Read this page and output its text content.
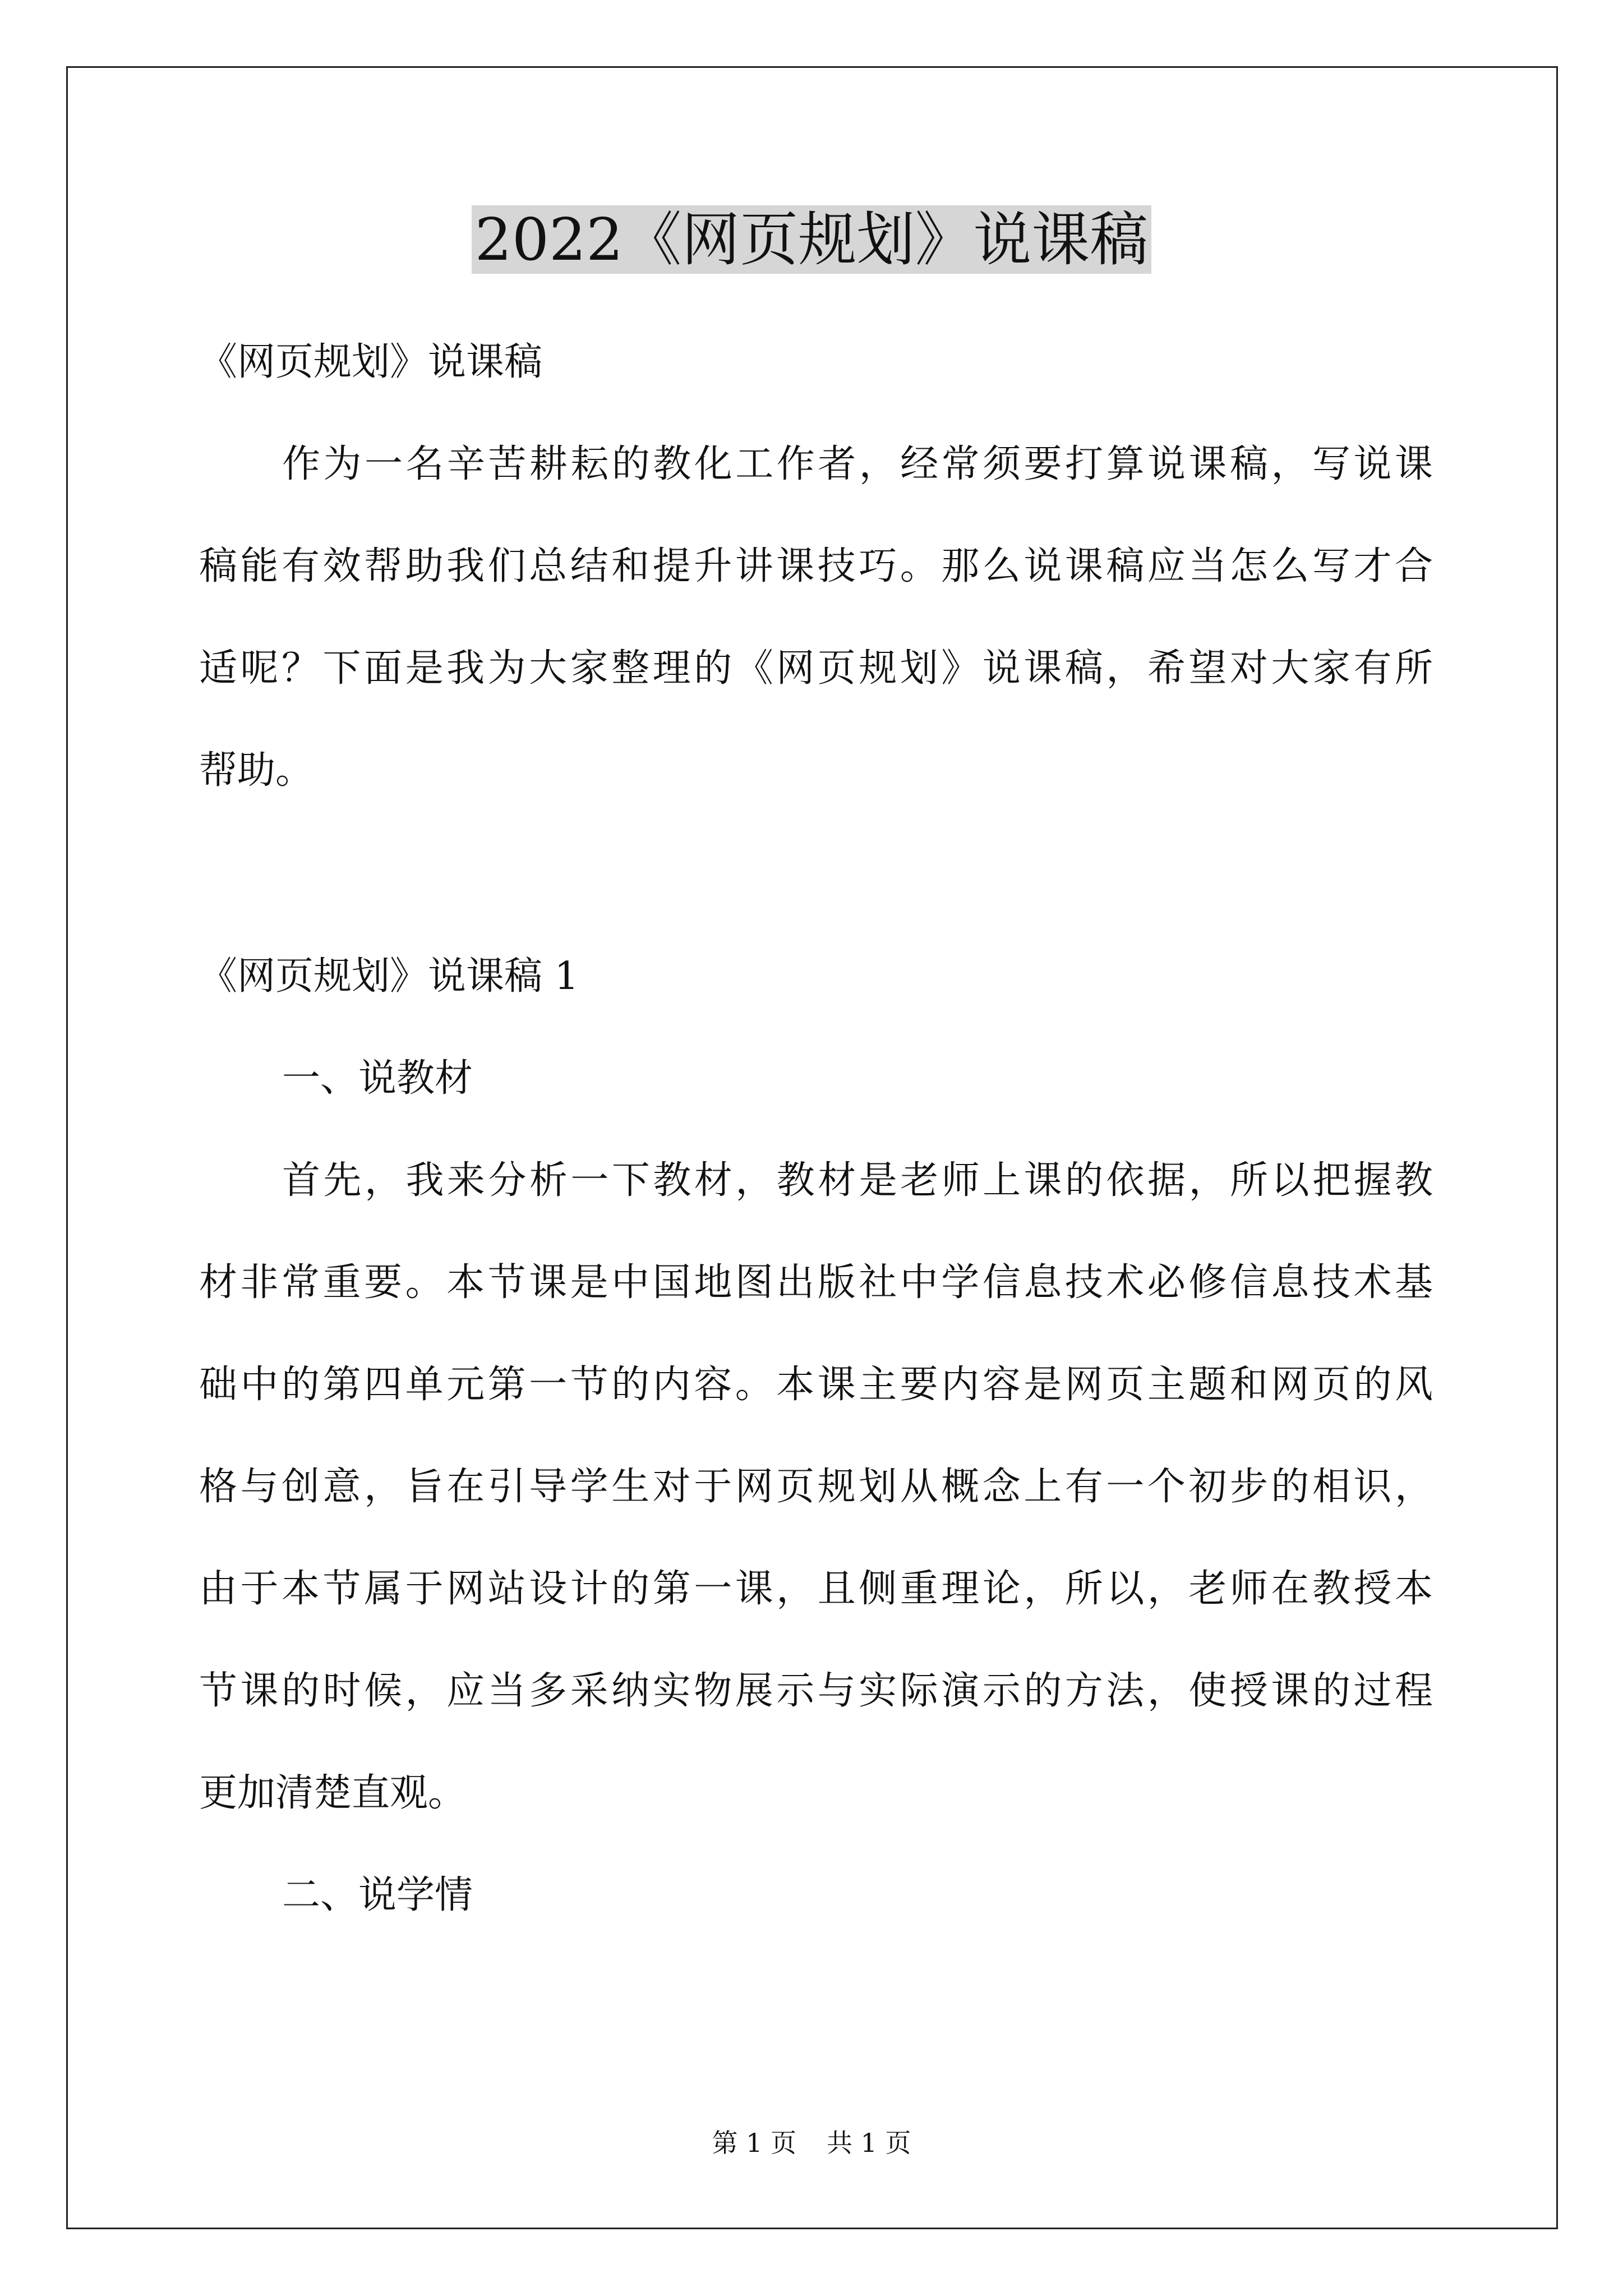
2022《网页规划》说课稿
《网页规划》说课稿
作为一名辛苦耕耘的教化工作者，经常须要打算说课稿，写说课
稿能有效帮助我们总结和提升讲课技巧。那么说课稿应当怎么写才合
适呢？下面是我为大家整理的《网页规划》说课稿，希望对大家有所
帮助。
《网页规划》说课稿 1
一、说教材
首先，我来分析一下教材，教材是老师上课的依据，所以把握教
材非常重要。本节课是中国地图出版社中学信息技术必修信息技术基
础中的第四单元第一节的内容。本课主要内容是网页主题和网页的风
格与创意，旨在引导学生对于网页规划从概念上有一个初步的相识，
由于本节属于网站设计的第一课，且侧重理论，所以，老师在教授本
节课的时候，应当多采纳实物展示与实际演示的方法，使授课的过程
更加清楚直观。
二、说学情
第 1 页 共 1 页
